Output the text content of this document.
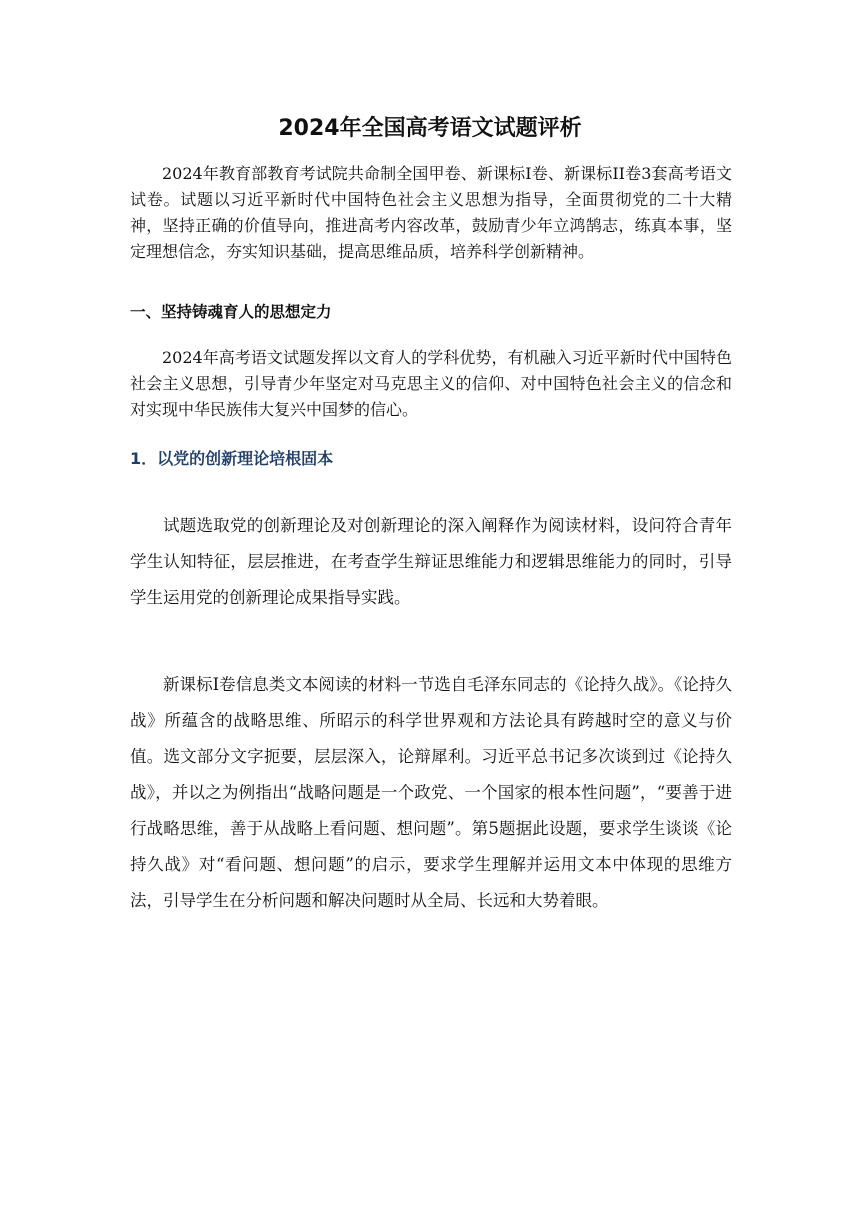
2024年全国高考语文试题评析

2024年教育部教育考试院共命制全国甲卷、新课标I卷、新课标II卷3套高考语文试卷。试题以习近平新时代中国特色社会主义思想为指导，全面贯彻党的二十大精神，坚持正确的价值导向，推进高考内容改革，鼓励青少年立鸿鹄志，练真本事，坚定理想信念，夯实知识基础，提高思维品质，培养科学创新精神。

一、坚持铸魂育人的思想定力

2024年高考语文试题发挥以文育人的学科优势，有机融入习近平新时代中国特色社会主义思想，引导青少年坚定对马克思主义的信仰、对中国特色社会主义的信念和对实现中华民族伟大复兴中国梦的信心。

1．以党的创新理论培根固本

试题选取党的创新理论及对创新理论的深入阐释作为阅读材料，设问符合青年学生认知特征，层层推进，在考查学生辩证思维能力和逻辑思维能力的同时，引导学生运用党的创新理论成果指导实践。

新课标I卷信息类文本阅读的材料一节选自毛泽东同志的《论持久战》。《论持久战》所蕴含的战略思维、所昭示的科学世界观和方法论具有跨越时空的意义与价值。选文部分文字扼要，层层深入，论辩犀利。习近平总书记多次谈到过《论持久战》，并以之为例指出“战略问题是一个政党、一个国家的根本性问题”，“要善于进行战略思维，善于从战略上看问题、想问题”。第5题据此设题，要求学生谈谈《论持久战》对“看问题、想问题”的启示，要求学生理解并运用文本中体现的思维方法，引导学生在分析问题和解决问题时从全局、长远和大势着眼。
